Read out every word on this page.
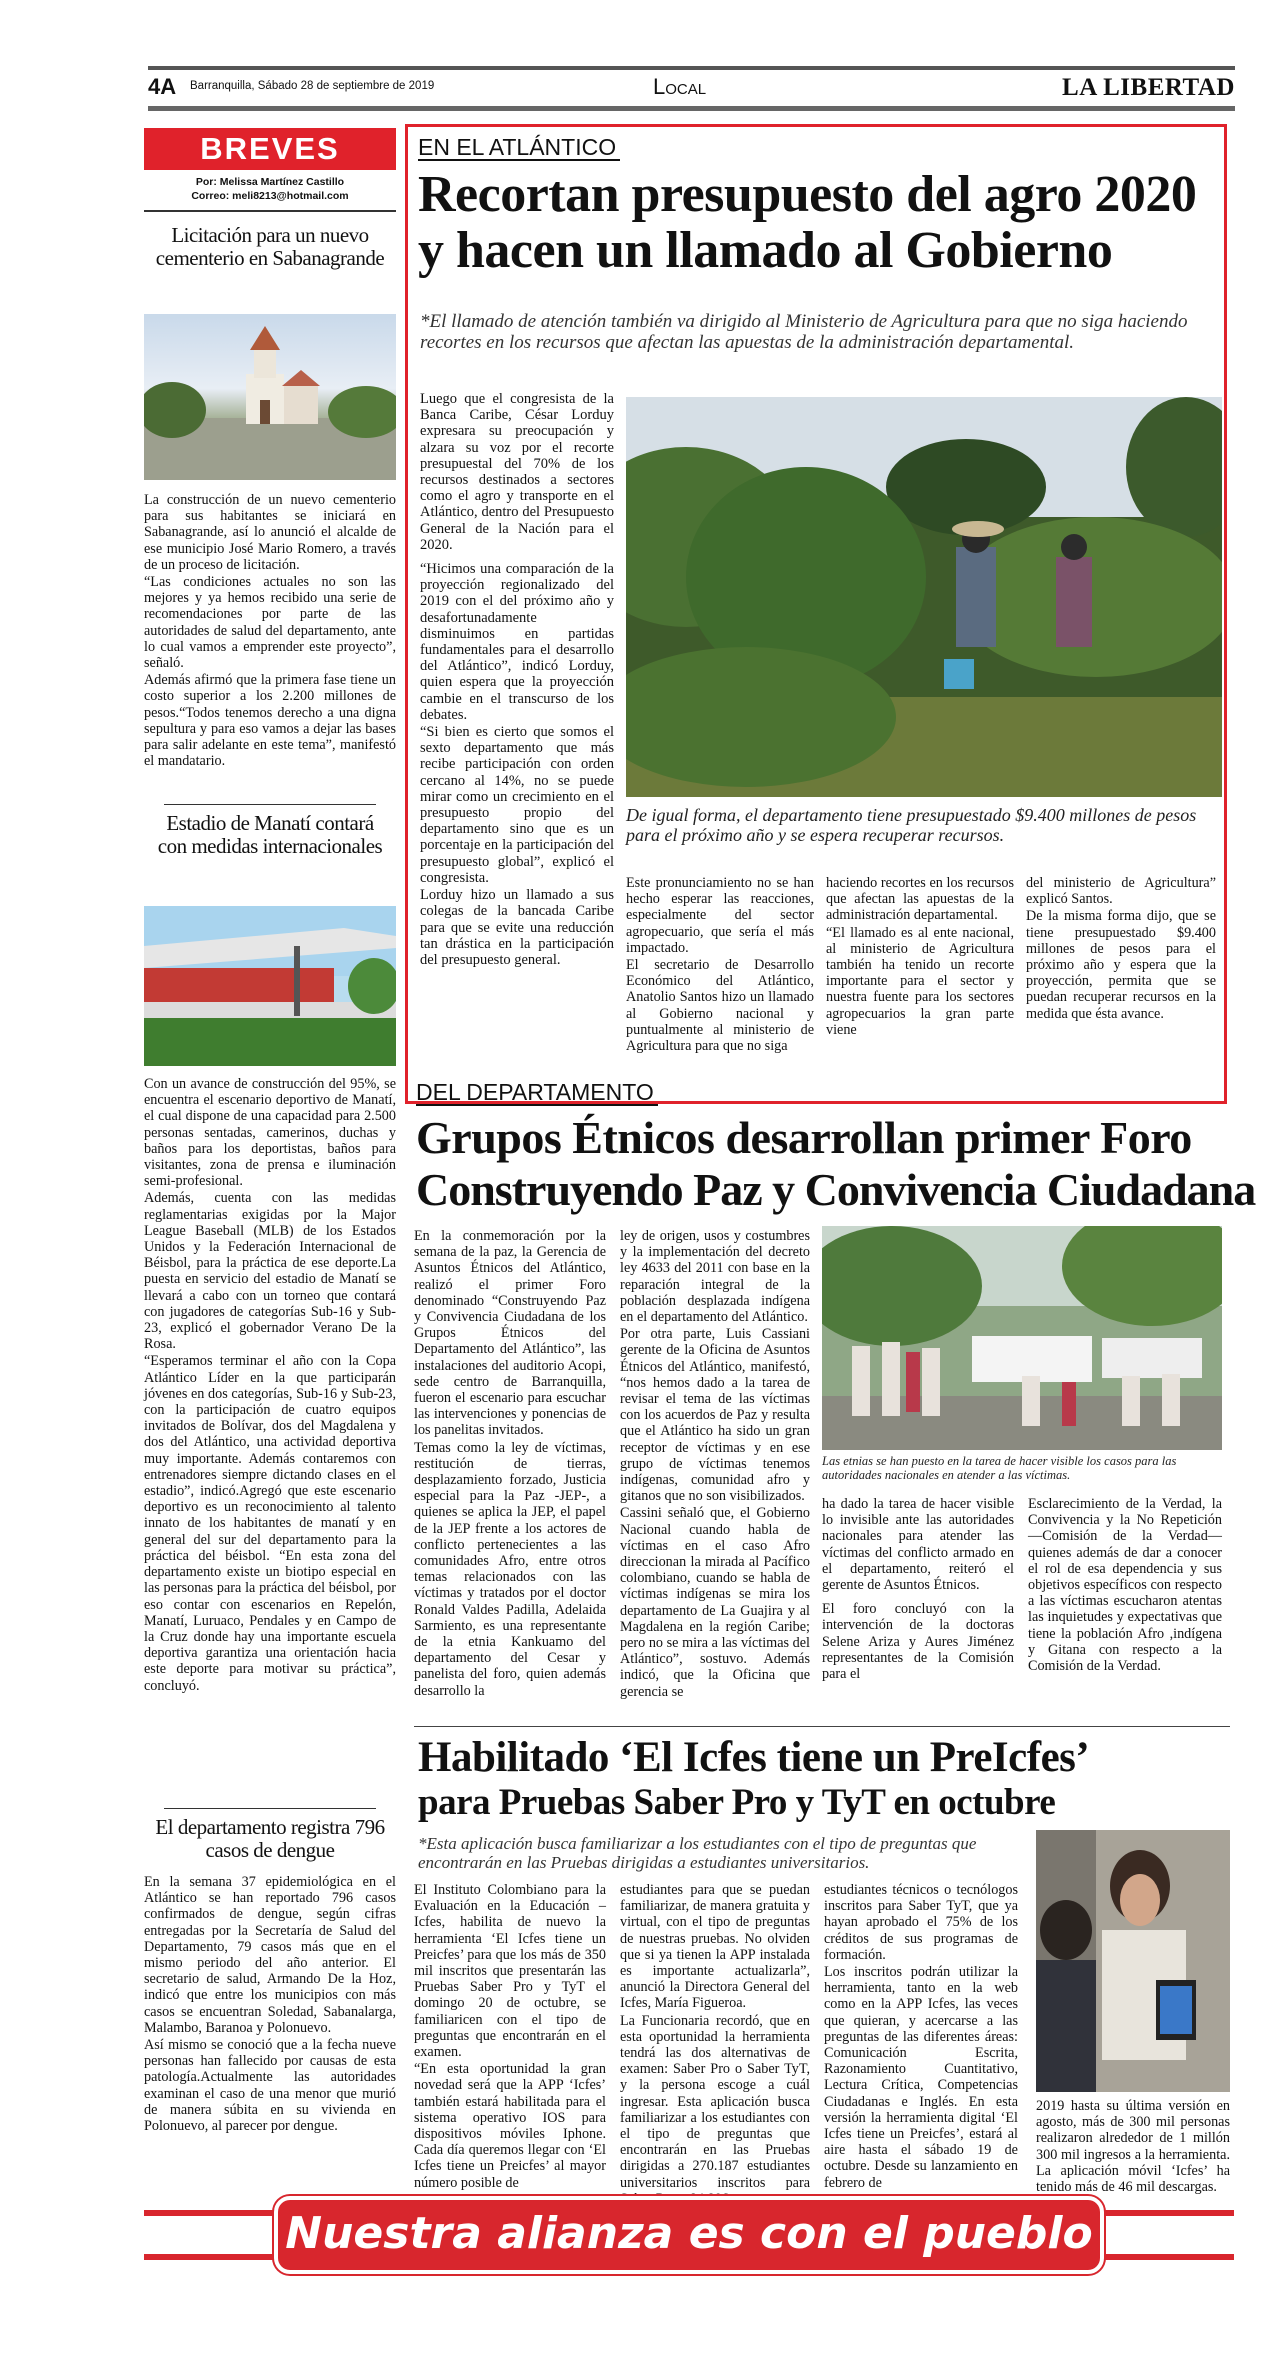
4A Barranquilla, Sábado 28 de septiembre de 2019	Local	LA LIBERTAD
BREVES
Por: Melissa Martínez Castillo
Correo: meli8213@hotmail.com
Licitación para un nuevo cementerio en Sabanagrande

La construcción de un nuevo cementerio para sus habitantes se iniciará en Sabanagrande, así lo anunció el alcalde de ese municipio José Mario Romero, a través de un proceso de licitación.

“Las condiciones actuales no son las mejores y ya hemos recibido una serie de recomendaciones por parte de las autoridades de salud del departamento, ante lo cual vamos a emprender este proyecto”, señaló.

Además afirmó que la primera fase tiene un costo superior a los 2.200 millones de pesos.“Todos tenemos derecho a una digna sepultura y para eso vamos a dejar las bases para salir adelante en este tema”, manifestó el mandatario.

Estadio de Manatí contará con medidas internacionales

Con un avance de construcción del 95%, se encuentra el escenario deportivo de Manatí, el cual dispone de una capacidad para 2.500 personas sentadas, camerinos, duchas y baños para los deportistas, baños para visitantes, zona de prensa e iluminación semi-profesional.

Además, cuenta con las medidas reglamentarias exigidas por la Major League Baseball (MLB) de los Estados Unidos y la Federación Internacional de Béisbol, para la práctica de ese deporte.La puesta en servicio del estadio de Manatí se llevará a cabo con un torneo que contará con jugadores de categorías Sub-16 y Sub-23, explicó el gobernador Verano De la Rosa.

“Esperamos terminar el año con la Copa Atlántico Líder en la que participarán jóvenes en dos categorías, Sub-16 y Sub-23, con la participación de cuatro equipos invitados de Bolívar, dos del Magdalena y dos del Atlántico, una actividad deportiva muy importante. Además contaremos con entrenadores siempre dictando clases en el estadio”, indicó.Agregó que este escenario deportivo es un reconocimiento al talento innato de los habitantes de manatí y en general del sur del departamento para la práctica del béisbol. “En esta zona del departamento existe un biotipo especial en las personas para la práctica del béisbol, por eso contar con escenarios en Repelón, Manatí, Luruaco, Pendales y en Campo de la Cruz donde hay una importante escuela deportiva garantiza una orientación hacia este deporte para motivar su práctica”, concluyó.

El departamento registra 796 casos de dengue

En la semana 37 epidemiológica en el Atlántico se han reportado 796 casos confirmados de dengue, según cifras entregadas por la Secretaría de Salud del Departamento, 79 casos más que en el mismo periodo del año anterior. El secretario de salud, Armando De la Hoz, indicó que entre los municipios con más casos se encuentran Soledad, Sabanalarga, Malambo, Baranoa y Polonuevo.

Así mismo se conoció que a la fecha nueve personas han fallecido por causas de esta patología.Actualmente las autoridades examinan el caso de una menor que murió de manera súbita en su vivienda en Polonuevo, al parecer por dengue.

EN EL ATLÁNTICO
Recortan presupuesto del agro 2020
y hacen un llamado al Gobierno
*El llamado de atención también va dirigido al Ministerio de Agricultura para que no siga haciendo recortes en los recursos que afectan las apuestas de la administración departamental.

Luego que el congresista de la Banca Caribe, César Lorduy expresara su preocupación y alzara su voz por el recorte presupuestal del 70% de los recursos destinados a sectores como el agro y transporte en el Atlántico, dentro del Presupuesto General de la Nación para el 2020.

“Hicimos una comparación de la proyección regionalizado del 2019 con el del próximo año y desafortunadamente disminuimos en partidas fundamentales para el desarrollo del Atlántico”, indicó Lorduy, quien espera que la proyección cambie en el transcurso de los debates.

“Si bien es cierto que somos el sexto departamento que más recibe participación con orden cercano al 14%, no se puede mirar como un crecimiento en el presupuesto propio del departamento sino que es un porcentaje en la participación del presupuesto global”, explicó el congresista.

Lorduy hizo un llamado a sus colegas de la bancada Caribe para que se evite una reducción tan drástica en la participación del presupuesto general.

De igual forma, el departamento tiene presupuestado $9.400 millones de pesos para el próximo año y se espera recuperar recursos.

Este pronunciamiento no se han hecho esperar las reacciones, especialmente del sector agropecuario, que sería el más impactado.

El secretario de Desarrollo Económico del Atlántico, Anatolio Santos hizo un llamado al Gobierno nacional y puntualmente al ministerio de Agricultura para que no siga

haciendo recortes en los recursos que afectan las apuestas de la administración departamental.

“El llamado es al ente nacional, al ministerio de Agricultura también ha tenido un recorte importante para el sector y nuestra fuente para los sectores agropecuarios la gran parte viene

del ministerio de Agricultura” explicó Santos.

De la misma forma dijo, que se tiene presupuestado $9.400 millones de pesos para el próximo año y espera que la proyección, permita que se puedan recuperar recursos en la medida que ésta avance.

DEL DEPARTAMENTO
Grupos Étnicos desarrollan primer Foro
Construyendo Paz y Convivencia Ciudadana

En la conmemoración por la semana de la paz, la Gerencia de Asuntos Étnicos del Atlántico, realizó el primer Foro denominado “Construyendo Paz y Convivencia Ciudadana de los Grupos Étnicos del Departamento del Atlántico”, las instalaciones del auditorio Acopi, sede centro de Barranquilla, fueron el escenario para escuchar las intervenciones y ponencias de los panelitas invitados.

Temas como la ley de víctimas, restitución de tierras, desplazamiento forzado, Justicia especial para la Paz -JEP-, a quienes se aplica la JEP, el papel de la JEP frente a los actores de conflicto pertenecientes a las comunidades Afro, entre otros temas relacionados con las víctimas y tratados por el doctor Ronald Valdes Padilla, Adelaida Sarmiento, es una representante de la etnia Kankuamo del departamento del Cesar y panelista del foro, quien además desarrollo la

ley de origen, usos y costumbres y la implementación del decreto ley 4633 del 2011 con base en la reparación integral de la población desplazada indígena en el departamento del Atlántico.

Por otra parte, Luis Cassiani gerente de la Oficina de Asuntos Étnicos del Atlántico, manifestó, “nos hemos dado a la tarea de revisar el tema de las víctimas con los acuerdos de Paz y resulta que el Atlántico ha sido un gran receptor de víctimas y en ese grupo de víctimas tenemos indígenas, comunidad afro y gitanos que no son visibilizados.

Cassini señaló que, el Gobierno Nacional cuando habla de víctimas en el caso Afro direccionan la mirada al Pacífico colombiano, cuando se habla de víctimas indígenas se mira los departamento de La Guajira y al Magdalena en la región Caribe; pero no se mira a las víctimas del Atlántico”, sostuvo. Además indicó, que la Oficina que gerencia se

Las etnias se han puesto en la tarea de hacer visible los casos para las autoridades nacionales en atender a las víctimas.

ha dado la tarea de hacer visible lo invisible ante las autoridades nacionales para atender las víctimas del conflicto armado en el departamento, reiteró el gerente de Asuntos Étnicos.

El foro concluyó con la intervención de la doctoras Selene Ariza y Aures Jiménez representantes de la Comisión para el

Esclarecimiento de la Verdad, la Convivencia y la No Repetición —Comisión de la Verdad— quienes además de dar a conocer el rol de esa dependencia y sus objetivos específicos con respecto a las víctimas escucharon atentas las inquietudes y expectativas que tiene la población Afro ,indígena y Gitana con respecto a la Comisión de la Verdad.

Habilitado ‘El Icfes tiene un PreIcfes’
para Pruebas Saber Pro y TyT en octubre
*Esta aplicación busca familiarizar a los estudiantes con el tipo de preguntas que encontrarán en las Pruebas dirigidas a estudiantes universitarios.

El Instituto Colombiano para la Evaluación en la Educación – Icfes, habilita de nuevo la herramienta ‘El Icfes tiene un Preicfes’ para que los más de 350 mil inscritos que presentarán las Pruebas Saber Pro y TyT el domingo 20 de octubre, se familiaricen con el tipo de preguntas que encontrarán en el examen.

“En esta oportunidad la gran novedad será que la APP ‘Icfes’ también estará habilitada para el sistema operativo IOS para dispositivos móviles Iphone. Cada día queremos llegar con ‘El Icfes tiene un Preicfes’ al mayor número posible de

estudiantes para que se puedan familiarizar, de manera gratuita y virtual, con el tipo de preguntas de nuestras pruebas. No olviden que si ya tienen la APP instalada es importante actualizarla”, anunció la Directora General del Icfes, María Figueroa.

La Funcionaria recordó, que en esta oportunidad la herramienta tendrá las dos alternativas de examen: Saber Pro o Saber TyT, y la persona escoge a cuál ingresar. Esta aplicación busca familiarizar a los estudiantes con el tipo de preguntas que encontrarán en las Pruebas dirigidas a 270.187 estudiantes universitarios inscritos para

estudiantes técnicos o tecnólogos inscritos para Saber TyT, que ya hayan aprobado el 75% de los créditos de sus programas de formación.

Los inscritos podrán utilizar la herramienta, tanto en la web como en la APP Icfes, las veces que quieran, y acercarse a las preguntas de las diferentes áreas: Comunicación Escrita, Razonamiento Cuantitativo, Lectura Crítica, Competencias Ciudadanas e Inglés. En esta versión la herramienta digital ‘El Icfes tiene un Preicfes’, estará al aire hasta el sábado 19 de octubre. Desde su lanzamiento en febrero de

2019 hasta su última versión en agosto, más de 300 mil personas realizaron alrededor de 1 millón 300 mil ingresos a la herramienta. La aplicación móvil ‘Icfes’ ha tenido más de 46 mil descargas.

Nuestra alianza es con el pueblo
